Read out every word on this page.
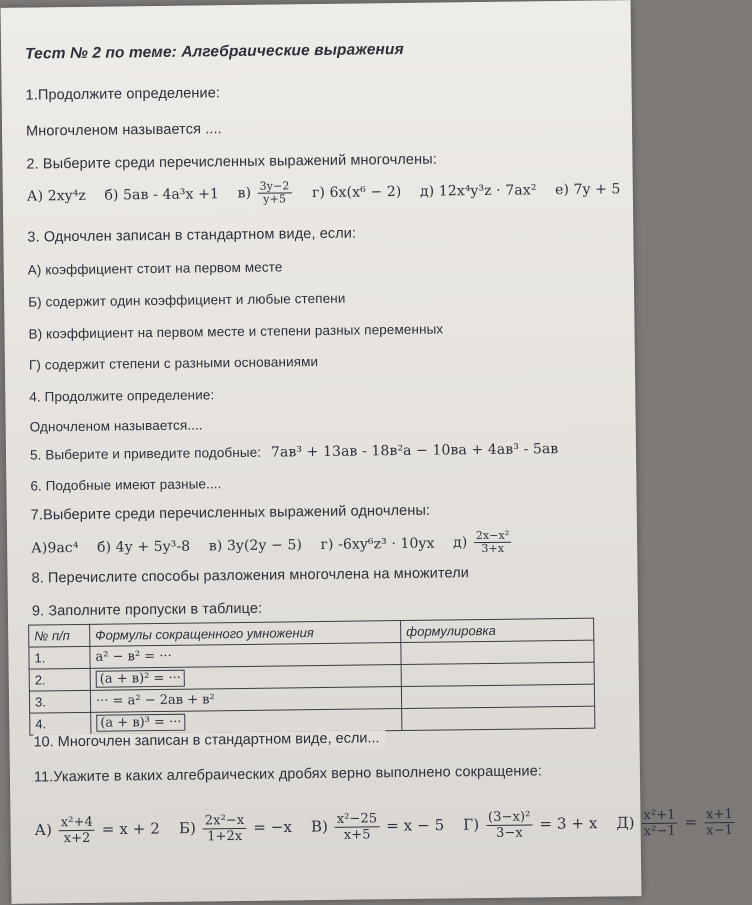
Тест № 2 по теме: Алгебраические выражения
1.Продолжите определение:
Многочленом называется ....
2. Выберите среди перечисленных выражений многочлены:
А) 2xy⁴z б) 5ав - 4a³x +1 $в) \frac{3y-2}{y+5} г$) 6x(x⁶ − 2) д) 12x⁴y³z · 7ax² е) 7y + 5
3. Одночлен записан в стандартном виде, если:
А) коэффициент стоит на первом месте
Б) содержит один коэффициент и любые степени
В) коэффициент на первом месте и степени разных переменных
Г) содержит степени с разными основаниями
4. Продолжите определение:
Одночленом называется....
5. Выберите и приведите подобные: 7ав³ + 13ав - 18в²а − 10ва + 4ав³ - 5ав
6. Подобные имеют разные....
7.Выберите среди перечисленных выражений одночлены:
А)9ac⁴ б) 4y + 5y³-8 в) 3y(2y − 5) г) -6xy⁶z³ · 10yx $д) \frac{\text{2x−x²}}{3+x}$
8. Перечислите способы разложения многочлена на множители
9. Заполните пропуски в таблице:
№ п/п	Формулы сокращенного умножения	формулировка
1.	a² − в² = ···	
2.	(a + в)² = ···	
3.	··· = a² − 2aв + в²	
4.	(a + в)³ = ···	
10. Многочлен записан в стандартном виде, если...
11.Укажите в каких алгебраических дробях верно выполнено сокращение:
$А) \frac{\text{x²+4}}{x+2} = x + 2$ $Б) \frac{\text{2x²−x}}{1+2x} = -x$ $В) \frac{\text{x²−25}}{x+5} = x - 5$ $Г) \frac{\text{(3−x)²}}{3-x} = 3 + x$ $Д) \frac{\text{x²+1}}{\text{x²−1}} = \frac{x+1}{x-1}$
